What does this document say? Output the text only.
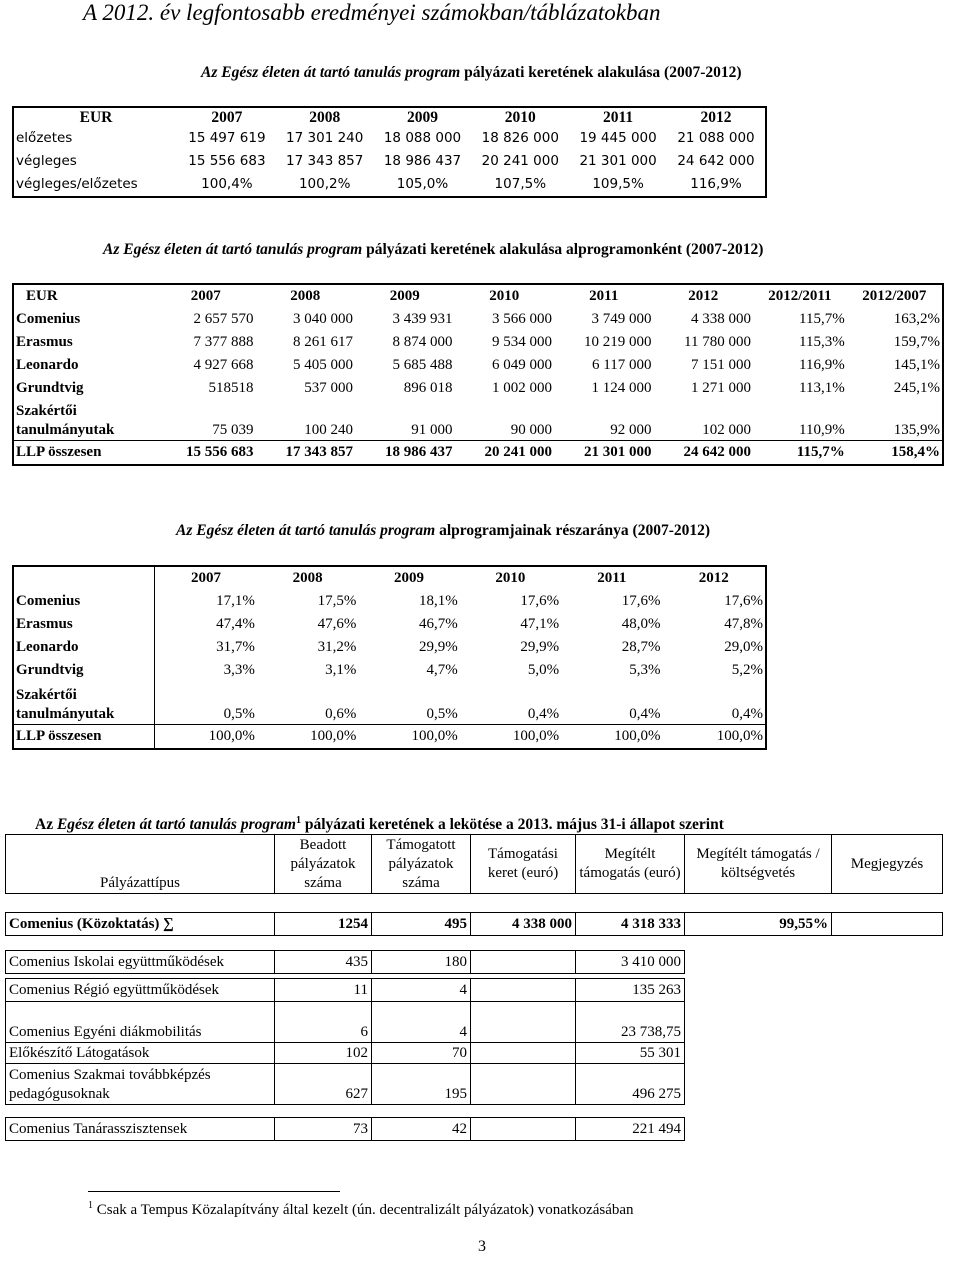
A 2012. év legfontosabb eredményei számokban/táblázatokban
Az Egész életen át tartó tanulás program pályázati keretének alakulása (2007-2012)
EUR	2007	2008	2009	2010	2011	2012
előzetes	15 497 619	17 301 240	18 088 000	18 826 000	19 445 000	21 088 000
végleges	15 556 683	17 343 857	18 986 437	20 241 000	21 301 000	24 642 000
végleges/előzetes	100,4%	100,2%	105,0%	107,5%	109,5%	116,9%
Az Egész életen át tartó tanulás program pályázati keretének alakulása alprogramonként (2007-2012)
EUR	2007	2008	2009	2010	2011	2012	2012/2011	2012/2007
Comenius	2 657 570	3 040 000	3 439 931	3 566 000	3 749 000	4 338 000	115,7%	163,2%
Erasmus	7 377 888	8 261 617	8 874 000	9 534 000	10 219 000	11 780 000	115,3%	159,7%
Leonardo	4 927 668	5 405 000	5 685 488	6 049 000	6 117 000	7 151 000	116,9%	145,1%
Grundtvig	518518	537 000	896 018	1 002 000	1 124 000	1 271 000	113,1%	245,1%
Szakértői tanulmányutak	75 039	100 240	91 000	90 000	92 000	102 000	110,9%	135,9%
LLP összesen	15 556 683	17 343 857	18 986 437	20 241 000	21 301 000	24 642 000	115,7%	158,4%
Az Egész életen át tartó tanulás program alprogramjainak részaránya (2007-2012)
	2007	2008	2009	2010	2011	2012
Comenius	17,1%	17,5%	18,1%	17,6%	17,6%	17,6%
Erasmus	47,4%	47,6%	46,7%	47,1%	48,0%	47,8%
Leonardo	31,7%	31,2%	29,9%	29,9%	28,7%	29,0%
Grundtvig	3,3%	3,1%	4,7%	5,0%	5,3%	5,2%
Szakértői tanulmányutak	0,5%	0,6%	0,5%	0,4%	0,4%	0,4%
LLP összesen	100,0%	100,0%	100,0%	100,0%	100,0%	100,0%
Az Egész életen át tartó tanulás program$^1$ pályázati keretének a lekötése a 2013. május 31-i állapot szerint
Pályázattípus	Beadott pályázatok száma	Támogatott pályázatok száma	Támogatási keret (euró)	Megítélt támogatás (euró)	Megítélt támogatás / költségvetés	Megjegyzés

Comenius (Közoktatás) ∑	1254	495	4 338 000	4 318 333	99,55%	

Comenius Iskolai együttműködések	435	180		3 410 000		

Comenius Régió együttműködések	11	4		135 263		
Comenius Egyéni diákmobilitás	6	4		23 738,75		
Előkészítő Látogatások	102	70		55 301		
Comenius Szakmai továbbképzés pedagógusoknak	627	195		496 275		

Comenius Tanárasszisztensek	73	42		221 494		
$^1$ Csak a Tempus Közalapítvány által kezelt (ún. decentralizált pályázatok) vonatkozásában
3
